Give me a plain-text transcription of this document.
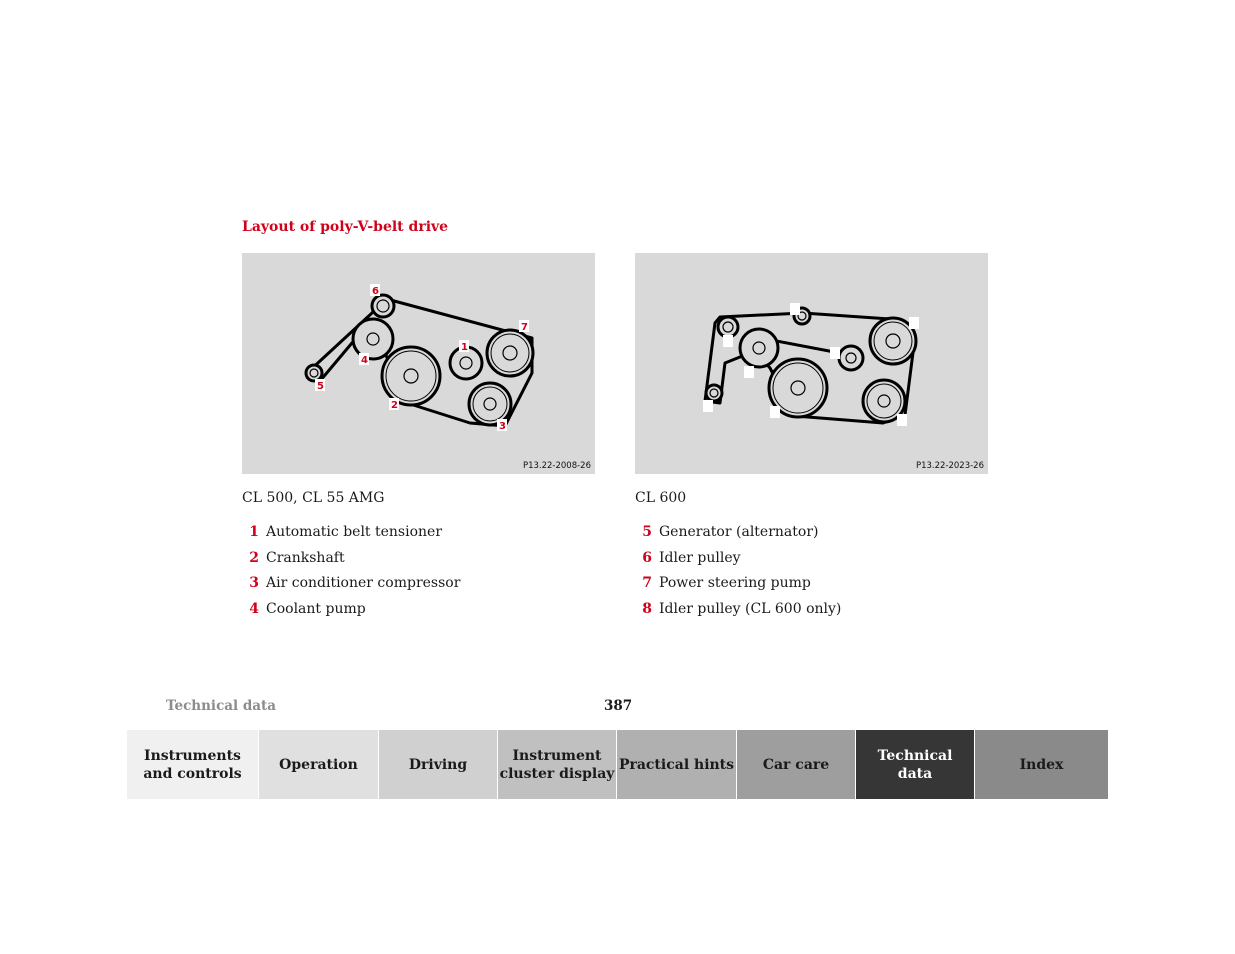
Layout of poly-V-belt drive
1
2
3
4
5
6
7
P13.22-2008-26	P13.22-2023-26
CL 500, CL 55 AMG	CL 600
1 Automatic belt tensioner
2 Crankshaft
3 Air conditioner compressor
4 Coolant pump
5 Generator (alternator)
6 Idler pulley
7 Power steering pump
8 Idler pulley (CL 600 only)
Technical data	387
Instruments
and controls
Operation	Driving
Instrument
cluster display
Practical hints Car care
Technical
data
Index
